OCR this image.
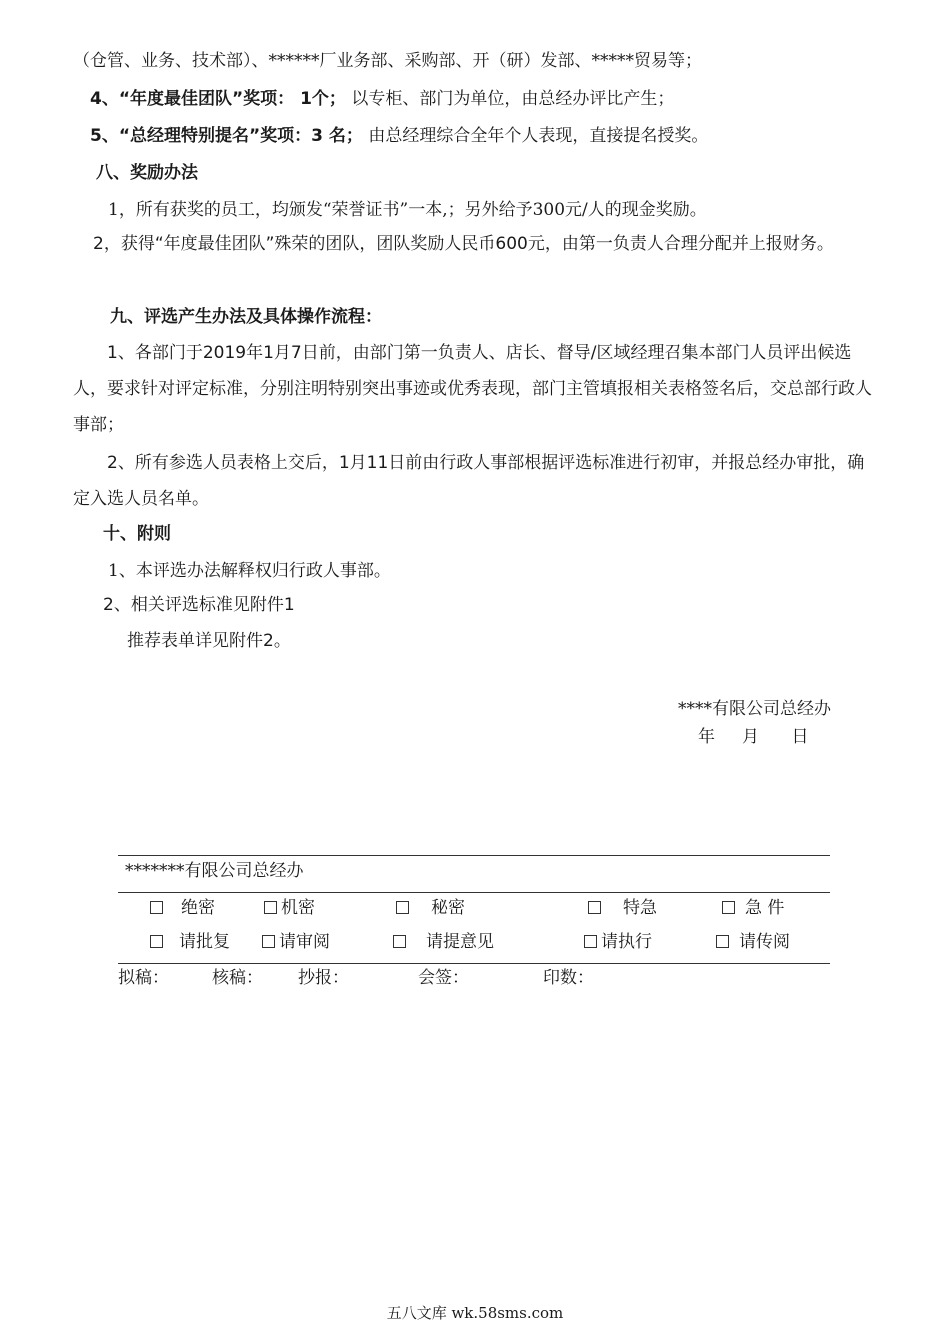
（仓管、业务、技术部）、******厂业务部、采购部、开（研）发部、*****贸易等；
4、“年度最佳团队”奖项： 1个； 以专柜、部门为单位，由总经办评比产生；
5、“总经理特别提名”奖项：3 名； 由总经理综合全年个人表现，直接提名授奖。
八、奖励办法
1，所有获奖的员工，均颁发“荣誉证书”一本,；另外给予300元/人的现金奖励。
2，获得“年度最佳团队”殊荣的团队，团队奖励人民币600元，由第一负责人合理分配并上报财务。
九、评选产生办法及具体操作流程：
1、各部门于2019年1月7日前，由部门第一负责人、店长、督导/区域经理召集本部门人员评出候选人，要求针对评定标准，分别注明特别突出事迹或优秀表现，部门主管填报相关表格签名后，交总部行政人事部；
2、所有参选人员表格上交后，1月11日前由行政人事部根据评选标准进行初审，并报总经办审批，确定入选人员名单。
十、附则
1、本评选办法解释权归行政人事部。
2、相关评选标准见附件1
推荐表单详见附件2。
****有限公司总经办
年     月      日
*******有限公司总经办
绝密	机密	秘密	特急	急 件
请批复	请审阅	请提意见	请执行	请传阅
拟稿：	核稿： 抄报：	会签：	印数：
五八文库 wk.58sms.com
